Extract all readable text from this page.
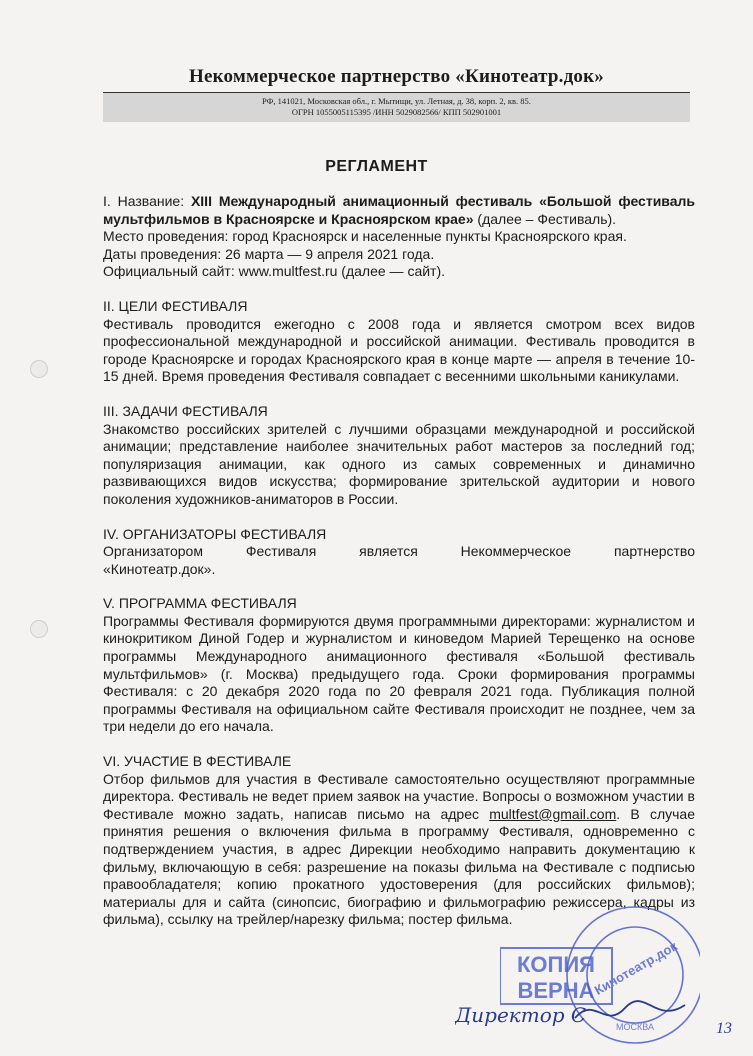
Некоммерческое партнерство «Кинотеатр.док»
РФ, 141021, Московская обл., г. Мытищи, ул. Летная, д. 38, корп. 2, кв. 85.
ОГРН 1055005115395 /ИНН 5029082566/ КПП 502901001
РЕГЛАМЕНТ

I. Название: XIII Международный анимационный фестиваль «Большой фестиваль мультфильмов в Красноярске и Красноярском крае» (далее – Фестиваль).

Место проведения: город Красноярск и населенные пункты Красноярского края.

Даты проведения: 26 марта — 9 апреля 2021 года.

Официальный сайт: www.multfest.ru (далее — сайт).

II. ЦЕЛИ ФЕСТИВАЛЯ

Фестиваль проводится ежегодно с 2008 года и является смотром всех видов профессиональной международной и российской анимации. Фестиваль проводится в городе Красноярске и городах Красноярского края в конце марте — апреля в течение 10-15 дней. Время проведения Фестиваля совпадает с весенними школьными каникулами.

III. ЗАДАЧИ ФЕСТИВАЛЯ

Знакомство российских зрителей с лучшими образцами международной и российской анимации; представление наиболее значительных работ мастеров за последний год; популяризация анимации, как одного из самых современных и динамично развивающихся видов искусства; формирование зрительской аудитории и нового поколения художников-аниматоров в России.

IV. ОРГАНИЗАТОРЫ ФЕСТИВАЛЯ

Организатором Фестиваля является Некоммерческое партнерство «Кинотеатр.док».

V. ПРОГРАММА ФЕСТИВАЛЯ

Программы Фестиваля формируются двумя программными директорами: журналистом и кинокритиком Диной Годер и журналистом и киноведом Марией Терещенко на основе программы Международного анимационного фестиваля «Большой фестиваль мультфильмов» (г. Москва) предыдущего года. Сроки формирования программы Фестиваля: с 20 декабря 2020 года по 20 февраля 2021 года. Публикация полной программы Фестиваля на официальном сайте Фестиваля происходит не позднее, чем за три недели до его начала.

VI. УЧАСТИЕ В ФЕСТИВАЛЕ

Отбор фильмов для участия в Фестивале самостоятельно осуществляют программные директора. Фестиваль не ведет прием заявок на участие. Вопросы о возможном участии в Фестивале можно задать, написав письмо на адрес multfest@gmail.com. В случае принятия решения о включения фильма в программу Фестиваля, одновременно с подтверждением участия, в адрес Дирекции необходимо направить документацию к фильму, включающую в себя: разрешение на показы фильма на Фестивале с подписью правообладателя; копию прокатного удостоверения (для российских фильмов); материалы для и сайта (синопсис, биографию и фильмографию режиссера, кадры из фильма), ссылку на трейлер/нарезку фильма; постер фильма.

КОПИЯ
ВЕРНА
Кинотеатр.док
МОСКВА
Директор С
13
